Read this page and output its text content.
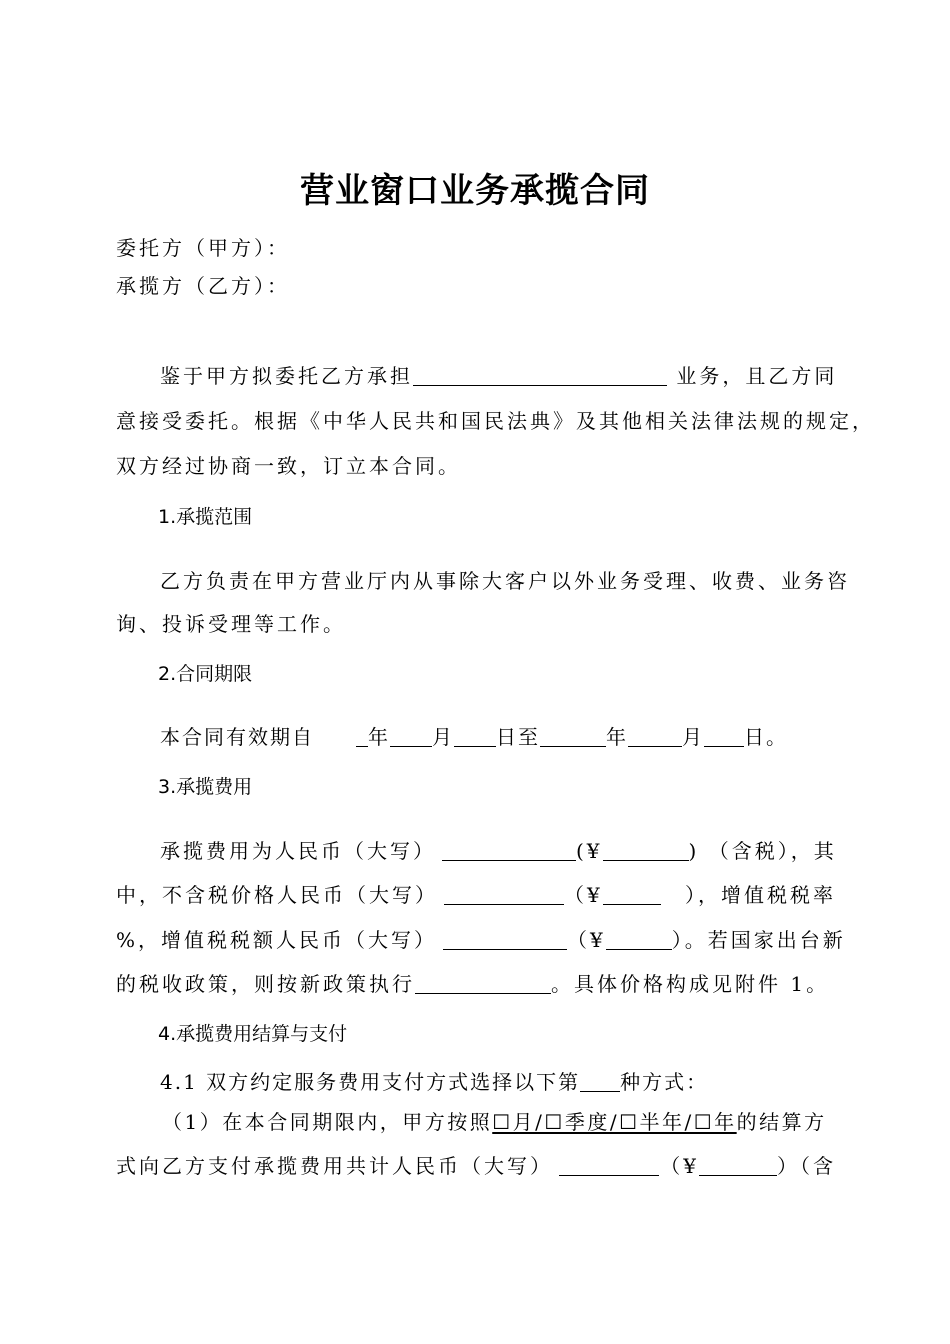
营业窗口业务承揽合同
委托方（甲方）：
承揽方（乙方）：
鉴于甲方拟委托乙方承担	业务，且乙方同
意接受委托。根据《中华人民共和国民法典》及其他相关法律法规的规定，
双方经过协商一致，订立本合同。
1.承揽范围
乙方负责在甲方营业厅内从事除大客户以外业务受理、收费、业务咨
询、投诉受理等工作。
2.合同期限
本合同有效期自	年 月 日至	年	月 日。
3.承揽费用
承揽费用为人民币（大写）	(¥	) （含税），其
中，不含税价格人民币（大写）	（¥	），增值税税率
%，增值税税额人民币（大写）	（¥	）。若国家出台新
的税收政策，则按新政策执行	。具体价格构成见附件 1。
4.承揽费用结算与支付
4.1 双方约定服务费用支付方式选择以下第 种方式：
（1）在本合同期限内，甲方按照☐月/☐季度/☐半年/☐年的结算方
式向乙方支付承揽费用共计人民币（大写）	（¥	）（含
